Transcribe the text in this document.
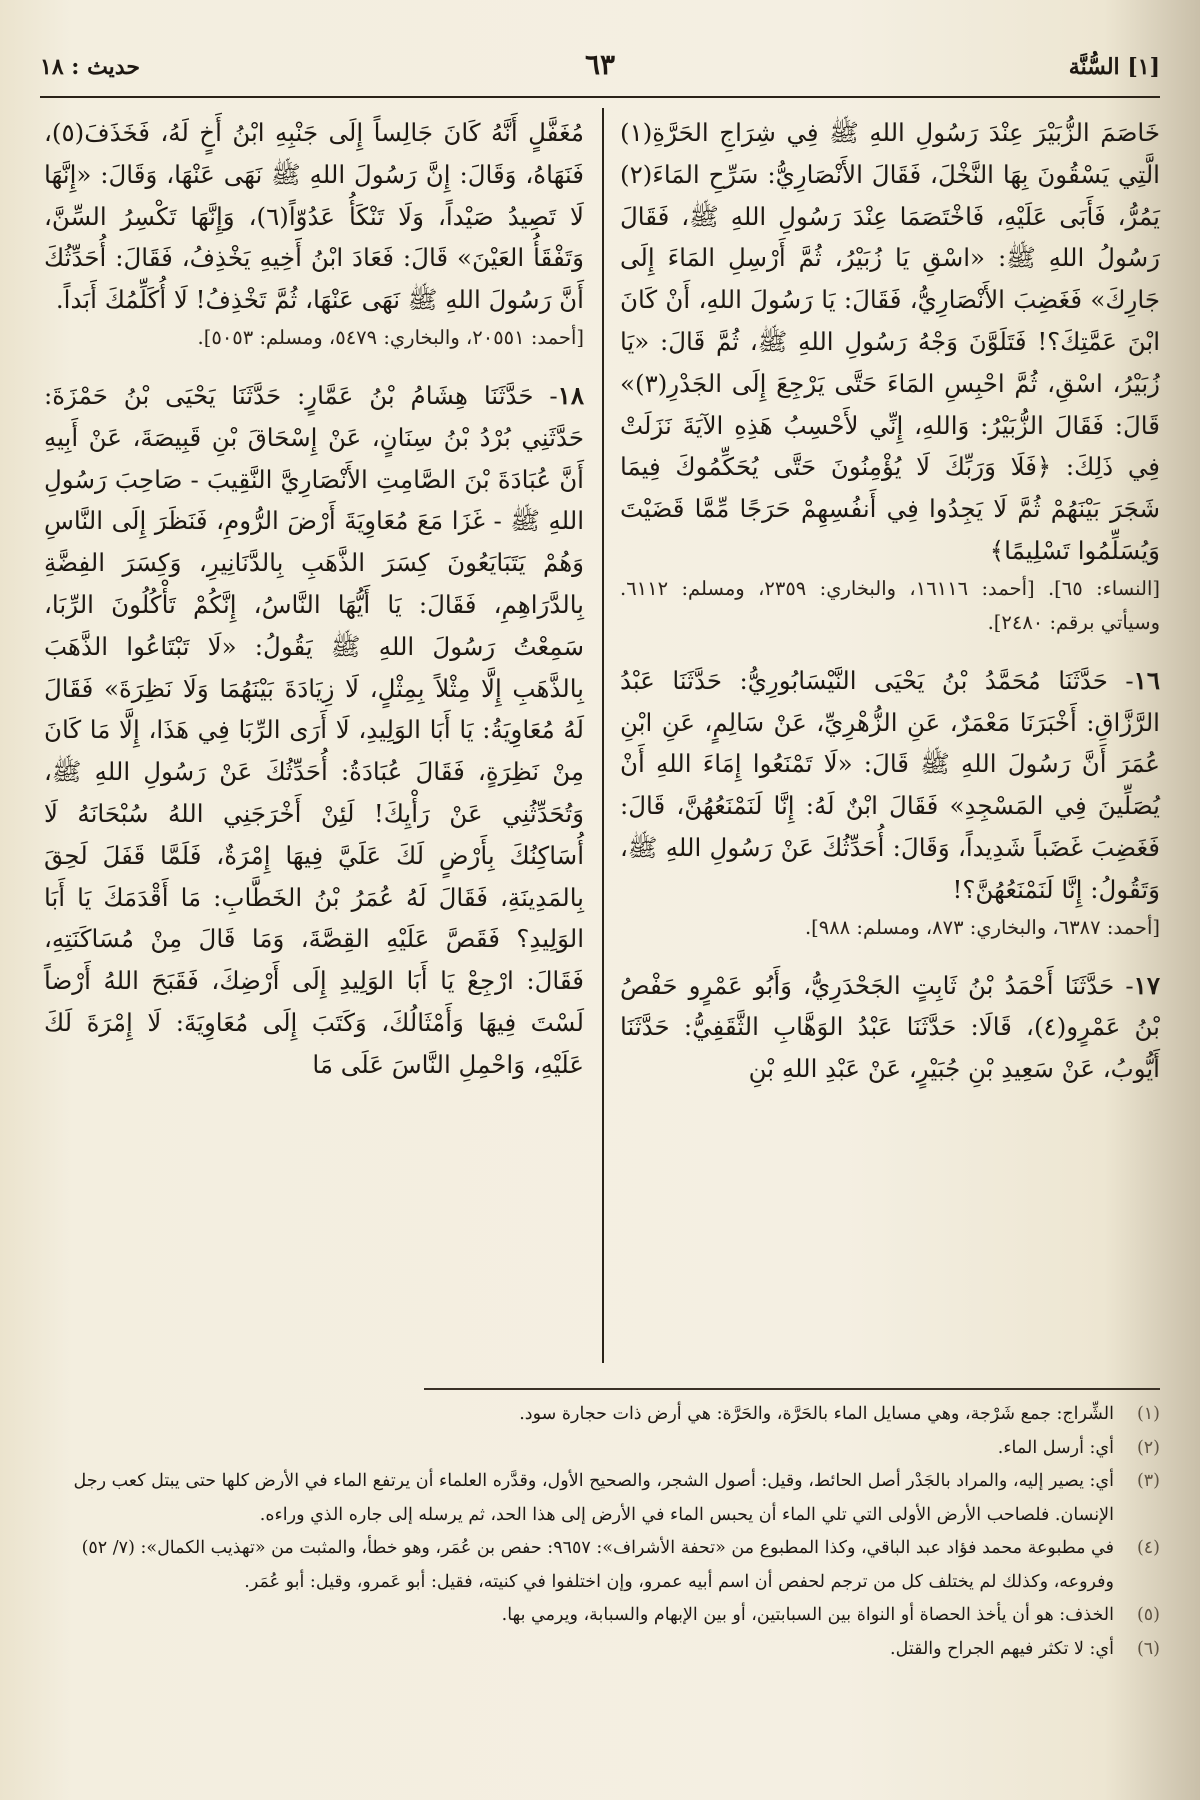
[١] السُّنَّة
٦٣
حديث : ١٨

خَاصَمَ الزُّبَيْرَ عِنْدَ رَسُولِ اللهِ ﷺ فِي شِرَاجِ الحَرَّةِ(١) الَّتِي يَسْقُونَ بِهَا النَّخْلَ، فَقَالَ الأَنْصَارِيُّ: سَرِّحِ المَاءَ(٢) يَمُرُّ، فَأَبَى عَلَيْهِ، فَاخْتَصَمَا عِنْدَ رَسُولِ اللهِ ﷺ، فَقَالَ رَسُولُ اللهِ ﷺ: «اسْقِ يَا زُبَيْرُ، ثُمَّ أَرْسِلِ المَاءَ إِلَى جَارِكَ» فَغَضِبَ الأَنْصَارِيُّ، فَقَالَ: يَا رَسُولَ اللهِ، أَنْ كَانَ ابْنَ عَمَّتِكَ؟! فَتَلَوَّنَ وَجْهُ رَسُولِ اللهِ ﷺ، ثُمَّ قَالَ: «يَا زُبَيْرُ، اسْقِ، ثُمَّ احْبِسِ المَاءَ حَتَّى يَرْجِعَ إِلَى الجَدْرِ(٣)» قَالَ: فَقَالَ الزُّبَيْرُ: وَاللهِ، إِنِّي لأَحْسِبُ هَذِهِ الآيَةَ نَزَلَتْ فِي ذَلِكَ: ﴿فَلَا وَرَبِّكَ لَا يُؤْمِنُونَ حَتَّى يُحَكِّمُوكَ فِيمَا شَجَرَ بَيْنَهُمْ ثُمَّ لَا يَجِدُوا فِي أَنفُسِهِمْ حَرَجًا مِّمَّا قَضَيْتَ وَيُسَلِّمُوا تَسْلِيمًا﴾

[النساء: ٦٥]. [أحمد: ١٦١١٦، والبخاري: ٢٣٥٩، ومسلم: ٦١١٢. وسيأتي برقم: ٢٤٨٠].

١٦- حَدَّثَنَا مُحَمَّدُ بْنُ يَحْيَى النَّيْسَابُورِيُّ: حَدَّثَنَا عَبْدُ الرَّزَّاقِ: أَخْبَرَنَا مَعْمَرٌ، عَنِ الزُّهْرِيِّ، عَنْ سَالِمٍ، عَنِ ابْنِ عُمَرَ أَنَّ رَسُولَ اللهِ ﷺ قَالَ: «لَا تَمْنَعُوا إِمَاءَ اللهِ أَنْ يُصَلِّينَ فِي المَسْجِدِ» فَقَالَ ابْنٌ لَهُ: إِنَّا لَنَمْنَعُهُنَّ، قَالَ: فَغَضِبَ غَضَباً شَدِيداً، وَقَالَ: أُحَدِّثُكَ عَنْ رَسُولِ اللهِ ﷺ، وَتَقُولُ: إِنَّا لَنَمْنَعُهُنَّ؟!

[أحمد: ٦٣٨٧، والبخاري: ٨٧٣، ومسلم: ٩٨٨].

١٧- حَدَّثَنَا أَحْمَدُ بْنُ ثَابِتٍ الجَحْدَرِيُّ، وَأَبُو عَمْرٍو حَفْصُ بْنُ عَمْرٍو(٤)، قَالَا: حَدَّثَنَا عَبْدُ الوَهَّابِ الثَّقَفِيُّ: حَدَّثَنَا أَيُّوبُ، عَنْ سَعِيدِ بْنِ جُبَيْرٍ، عَنْ عَبْدِ اللهِ بْنِ

مُغَفَّلٍ أَنَّهُ كَانَ جَالِساً إِلَى جَنْبِهِ ابْنُ أَخٍ لَهُ، فَخَذَفَ(٥)، فَنَهَاهُ، وَقَالَ: إِنَّ رَسُولَ اللهِ ﷺ نَهَى عَنْهَا، وَقَالَ: «إِنَّهَا لَا تَصِيدُ صَيْداً، وَلَا تَنْكَأُ عَدُوّاً(٦)، وَإِنَّهَا تَكْسِرُ السِّنَّ، وَتَفْقَأُ العَيْنَ» قَالَ: فَعَادَ ابْنُ أَخِيهِ يَخْذِفُ، فَقَالَ: أُحَدِّثُكَ أَنَّ رَسُولَ اللهِ ﷺ نَهَى عَنْهَا، ثُمَّ تَخْذِفُ! لَا أُكَلِّمُكَ أَبَداً.

[أحمد: ٢٠٥٥١، والبخاري: ٥٤٧٩، ومسلم: ٥٠٥٣].

١٨- حَدَّثَنَا هِشَامُ بْنُ عَمَّارٍ: حَدَّثَنَا يَحْيَى بْنُ حَمْزَةَ: حَدَّثَنِي بُرْدُ بْنُ سِنَانٍ، عَنْ إِسْحَاقَ بْنِ قَبِيصَةَ، عَنْ أَبِيهِ أَنَّ عُبَادَةَ بْنَ الصَّامِتِ الأَنْصَارِيَّ النَّقِيبَ - صَاحِبَ رَسُولِ اللهِ ﷺ - غَزَا مَعَ مُعَاوِيَةَ أَرْضَ الرُّومِ، فَنَظَرَ إِلَى النَّاسِ وَهُمْ يَتَبَايَعُونَ كِسَرَ الذَّهَبِ بِالدَّنَانِيرِ، وَكِسَرَ الفِضَّةِ بِالدَّرَاهِمِ، فَقَالَ: يَا أَيُّهَا النَّاسُ، إِنَّكُمْ تَأْكُلُونَ الرِّبَا، سَمِعْتُ رَسُولَ اللهِ ﷺ يَقُولُ: «لَا تَبْتَاعُوا الذَّهَبَ بِالذَّهَبِ إِلَّا مِثْلاً بِمِثْلٍ، لَا زِيَادَةَ بَيْنَهُمَا وَلَا نَظِرَةَ» فَقَالَ لَهُ مُعَاوِيَةُ: يَا أَبَا الوَلِيدِ، لَا أَرَى الرِّبَا فِي هَذَا، إِلَّا مَا كَانَ مِنْ نَظِرَةٍ، فَقَالَ عُبَادَةُ: أُحَدِّثُكَ عَنْ رَسُولِ اللهِ ﷺ، وَتُحَدِّثُنِي عَنْ رَأْيِكَ! لَئِنْ أَخْرَجَنِي اللهُ سُبْحَانَهُ لَا أُسَاكِنُكَ بِأَرْضٍ لَكَ عَلَيَّ فِيهَا إِمْرَةٌ، فَلَمَّا قَفَلَ لَحِقَ بِالمَدِينَةِ، فَقَالَ لَهُ عُمَرُ بْنُ الخَطَّابِ: مَا أَقْدَمَكَ يَا أَبَا الوَلِيدِ؟ فَقَصَّ عَلَيْهِ القِصَّةَ، وَمَا قَالَ مِنْ مُسَاكَنَتِهِ، فَقَالَ: ارْجِعْ يَا أَبَا الوَلِيدِ إِلَى أَرْضِكَ، فَقَبَحَ اللهُ أَرْضاً لَسْتَ فِيهَا وَأَمْثَالُكَ، وَكَتَبَ إِلَى مُعَاوِيَةَ: لَا إِمْرَةَ لَكَ عَلَيْهِ، وَاحْمِلِ النَّاسَ عَلَى مَا

(١)
الشِّراج: جمع شَرْجة، وهي مسايل الماء بالحَرَّة، والحَرَّة: هي أرض ذات حجارة سود.
(٢)
أي: أرسل الماء.
(٣)
أي: يصير إليه، والمراد بالجَدْر أصل الحائط، وقيل: أصول الشجر، والصحيح الأول، وقدَّره العلماء أن يرتفع الماء في الأرض كلها حتى يبتل كعب رجل الإنسان. فلصاحب الأرض الأولى التي تلي الماء أن يحبس الماء في الأرض إلى هذا الحد، ثم يرسله إلى جاره الذي وراءه.
(٤)
في مطبوعة محمد فؤاد عبد الباقي، وكذا المطبوع من «تحفة الأشراف»: ٩٦٥٧: حفص بن عُمَر، وهو خطأ، والمثبت من «تهذيب الكمال»: (٧/ ٥٢) وفروعه، وكذلك لم يختلف كل من ترجم لحفص أن اسم أبيه عمرو، وإن اختلفوا في كنيته، فقيل: أبو عَمرو، وقيل: أبو عُمَر.
(٥)
الخذف: هو أن يأخذ الحصاة أو النواة بين السبابتين، أو بين الإبهام والسبابة، ويرمي بها.
(٦)
أي: لا تكثر فيهم الجراح والقتل.
